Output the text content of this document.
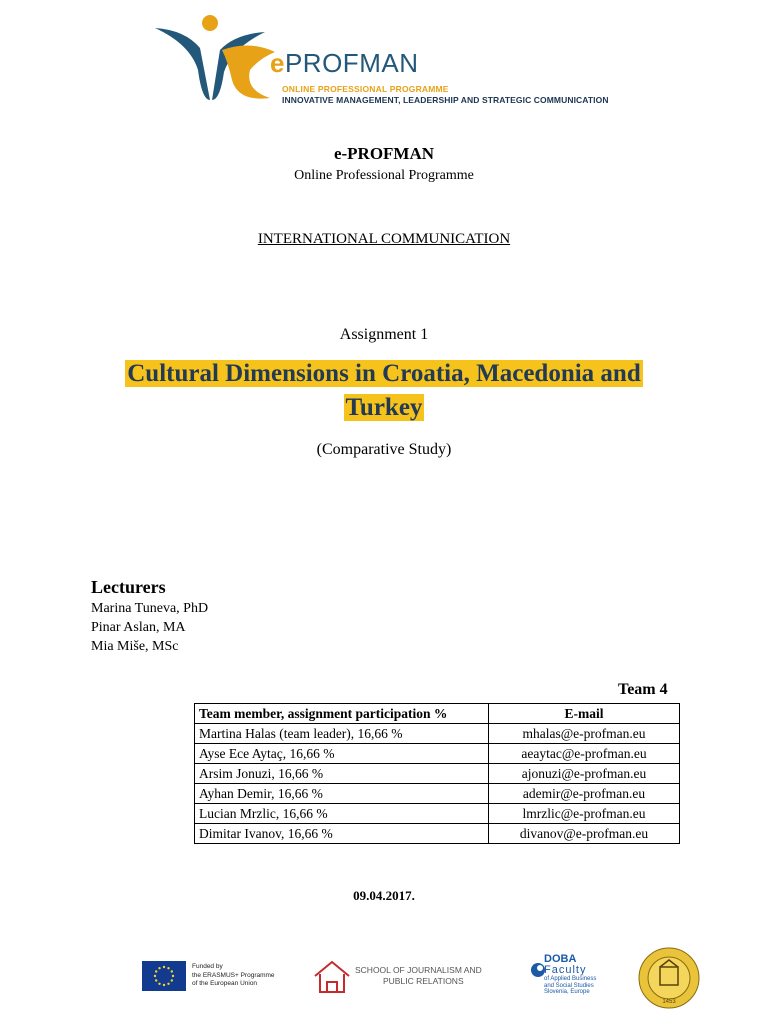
ePROFMAN
ONLINE PROFESSIONAL PROGRAMME
INNOVATIVE MANAGEMENT, LEADERSHIP AND STRATEGIC COMMUNICATION
e-PROFMAN
Online Professional Programme
INTERNATIONAL COMMUNICATION
Assignment 1
Cultural Dimensions in Croatia, Macedonia and
Turkey
(Comparative Study)
Lecturers
Marina Tuneva, PhD
Pinar Aslan, MA
Mia Miše, MSc
Team 4
Team member, assignment participation %	E-mail
Martina Halas (team leader), 16,66 %	mhalas@e-profman.eu
Ayse Ece Aytaç, 16,66 %	aeaytac@e-profman.eu
Arsim Jonuzi, 16,66 %	ajonuzi@e-profman.eu
Ayhan Demir, 16,66 %	ademir@e-profman.eu
Lucian Mrzlic, 16,66 %	lmrzlic@e-profman.eu
Dimitar Ivanov, 16,66 %	divanov@e-profman.eu
09.04.2017.
Funded by
the ERASMUS+ Programme
of the European Union
SCHOOL OF JOURNALISM AND
PUBLIC RELATIONS
DOBA
Faculty
of Applied Business
and Social Studies
Slovenia, Europe
1453
